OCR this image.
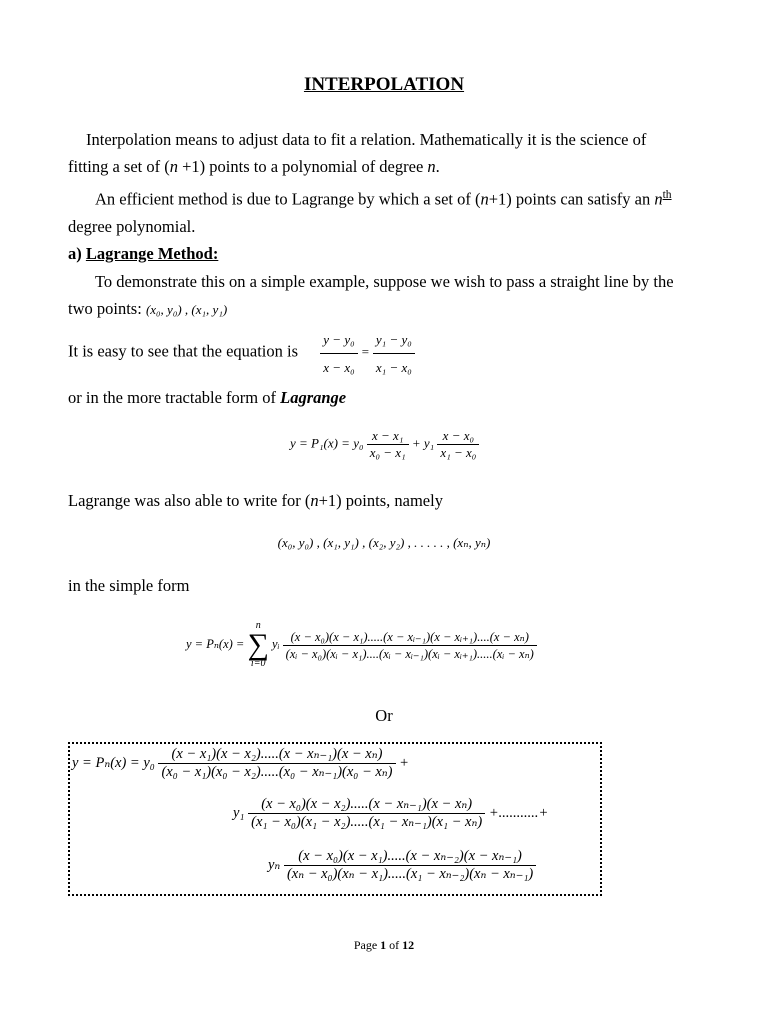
INTERPOLATION
Interpolation means to adjust data to fit a relation. Mathematically it is the science of
fitting a set of (n +1) points to a polynomial of degree n.
An efficient method is due to Lagrange by which a set of (n+1) points can satisfy an $n^{th}$
degree polynomial.
a) Lagrange Method:
To demonstrate this on a simple example, suppose we wish to pass a straight line by the
two points: (x₀, y₀) , (x₁, y₁)
It is easy to see that the equation is $\frac{\text{y − y₀}}{\text{x − x₀}} = \frac{\text{y₁ − y₀}}{\text{x₁ − x₀}}$
or in the more tractable form of Lagrange
$y = P_1(x) = y_0 \frac{\text{x − x₁}}{\text{x₀ − x₁}} + y_1 \frac{\text{x − x₀}}{\text{x₁ − x₀}}$
Lagrange was also able to write for (n+1) points, namely
(x₀, y₀) , (x₁, y₁) , (x₂, y₂) , . . . . . , (xₙ, yₙ)
in the simple form
y = Pₙ(x) =
n
∑
i=0
yᵢ $\frac{\text{(x − x₀)(x − x₁).....(x − xᵢ₋₁)(x − xᵢ₊₁)....(x − xₙ)}}{\text{(xᵢ − x₀)(xᵢ − x₁)....(xᵢ − xᵢ₋₁)(xᵢ − xᵢ₊₁).....(xᵢ − xₙ)}}$
Or
$y = P_n(x) = y_0 \frac{\text{(x − x₁)(x − x₂).....(x − xₙ₋₁)(x − xₙ)}}{\text{(x₀ − x₁)(x₀ − x₂).....(x₀ − xₙ₋₁)(x₀ − xₙ)}}$ +
$y_1 \frac{\text{(x − x₀)(x − x₂).....(x − xₙ₋₁)(x − xₙ)}}{\text{(x₁ − x₀)(x₁ − x₂).....(x₁ − xₙ₋₁)(x₁ − xₙ)}}$ +...........+
yₙ $\frac{\text{(x − x₀)(x − x₁).....(x − xₙ₋₂)(x − xₙ₋₁)}}{\text{(xₙ − x₀)(xₙ − x₁).....(x₁ − xₙ₋₂)(xₙ − xₙ₋₁)}}$
Page 1 of 12
